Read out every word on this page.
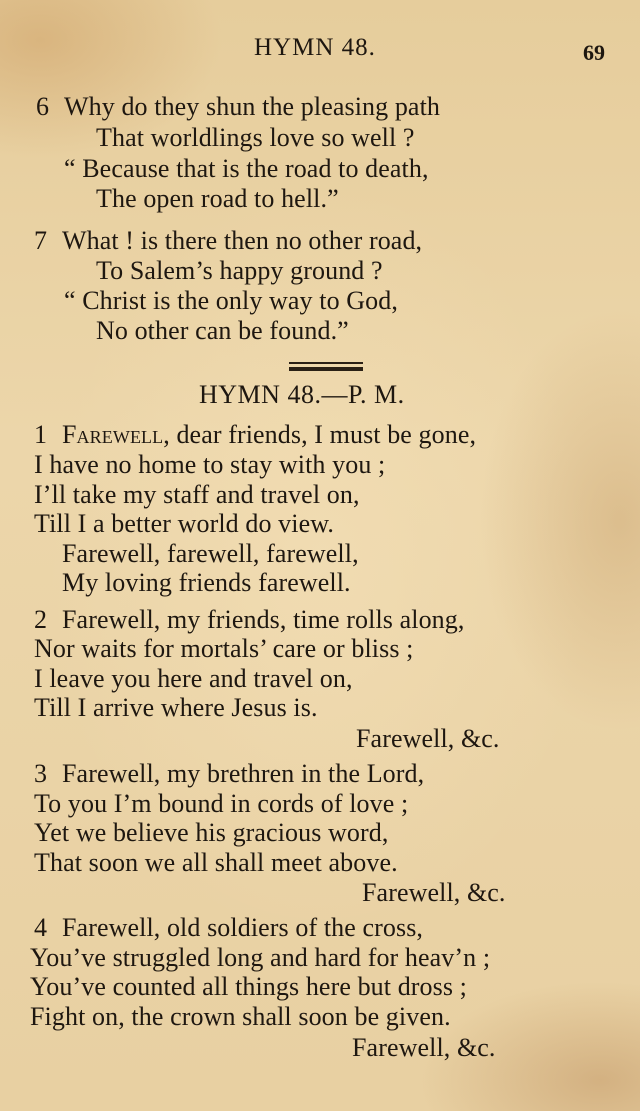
HYMN 48.	69
6 Why do they shun the pleasing path
That worldlings love so well ?
“ Because that is the road to death,
The open road to hell.”
7 What ! is there then no other road,
To Salem’s happy ground ?
“ Christ is the only way to God,
No other can be found.”
HYMN 48.—P. M.
1 Farewell, dear friends, I must be gone,
I have no home to stay with you ;
I’ll take my staff and travel on,
Till I a better world do view.
Farewell, farewell, farewell,
My loving friends farewell.
2 Farewell, my friends, time rolls along,
Nor waits for mortals’ care or bliss ;
I leave you here and travel on,
Till I arrive where Jesus is.
Farewell, &c.
3 Farewell, my brethren in the Lord,
To you I’m bound in cords of love ;
Yet we believe his gracious word,
That soon we all shall meet above.
Farewell, &c.
4 Farewell, old soldiers of the cross,
You’ve struggled long and hard for heav’n ;
You’ve counted all things here but dross ;
Fight on, the crown shall soon be given.
Farewell, &c.
